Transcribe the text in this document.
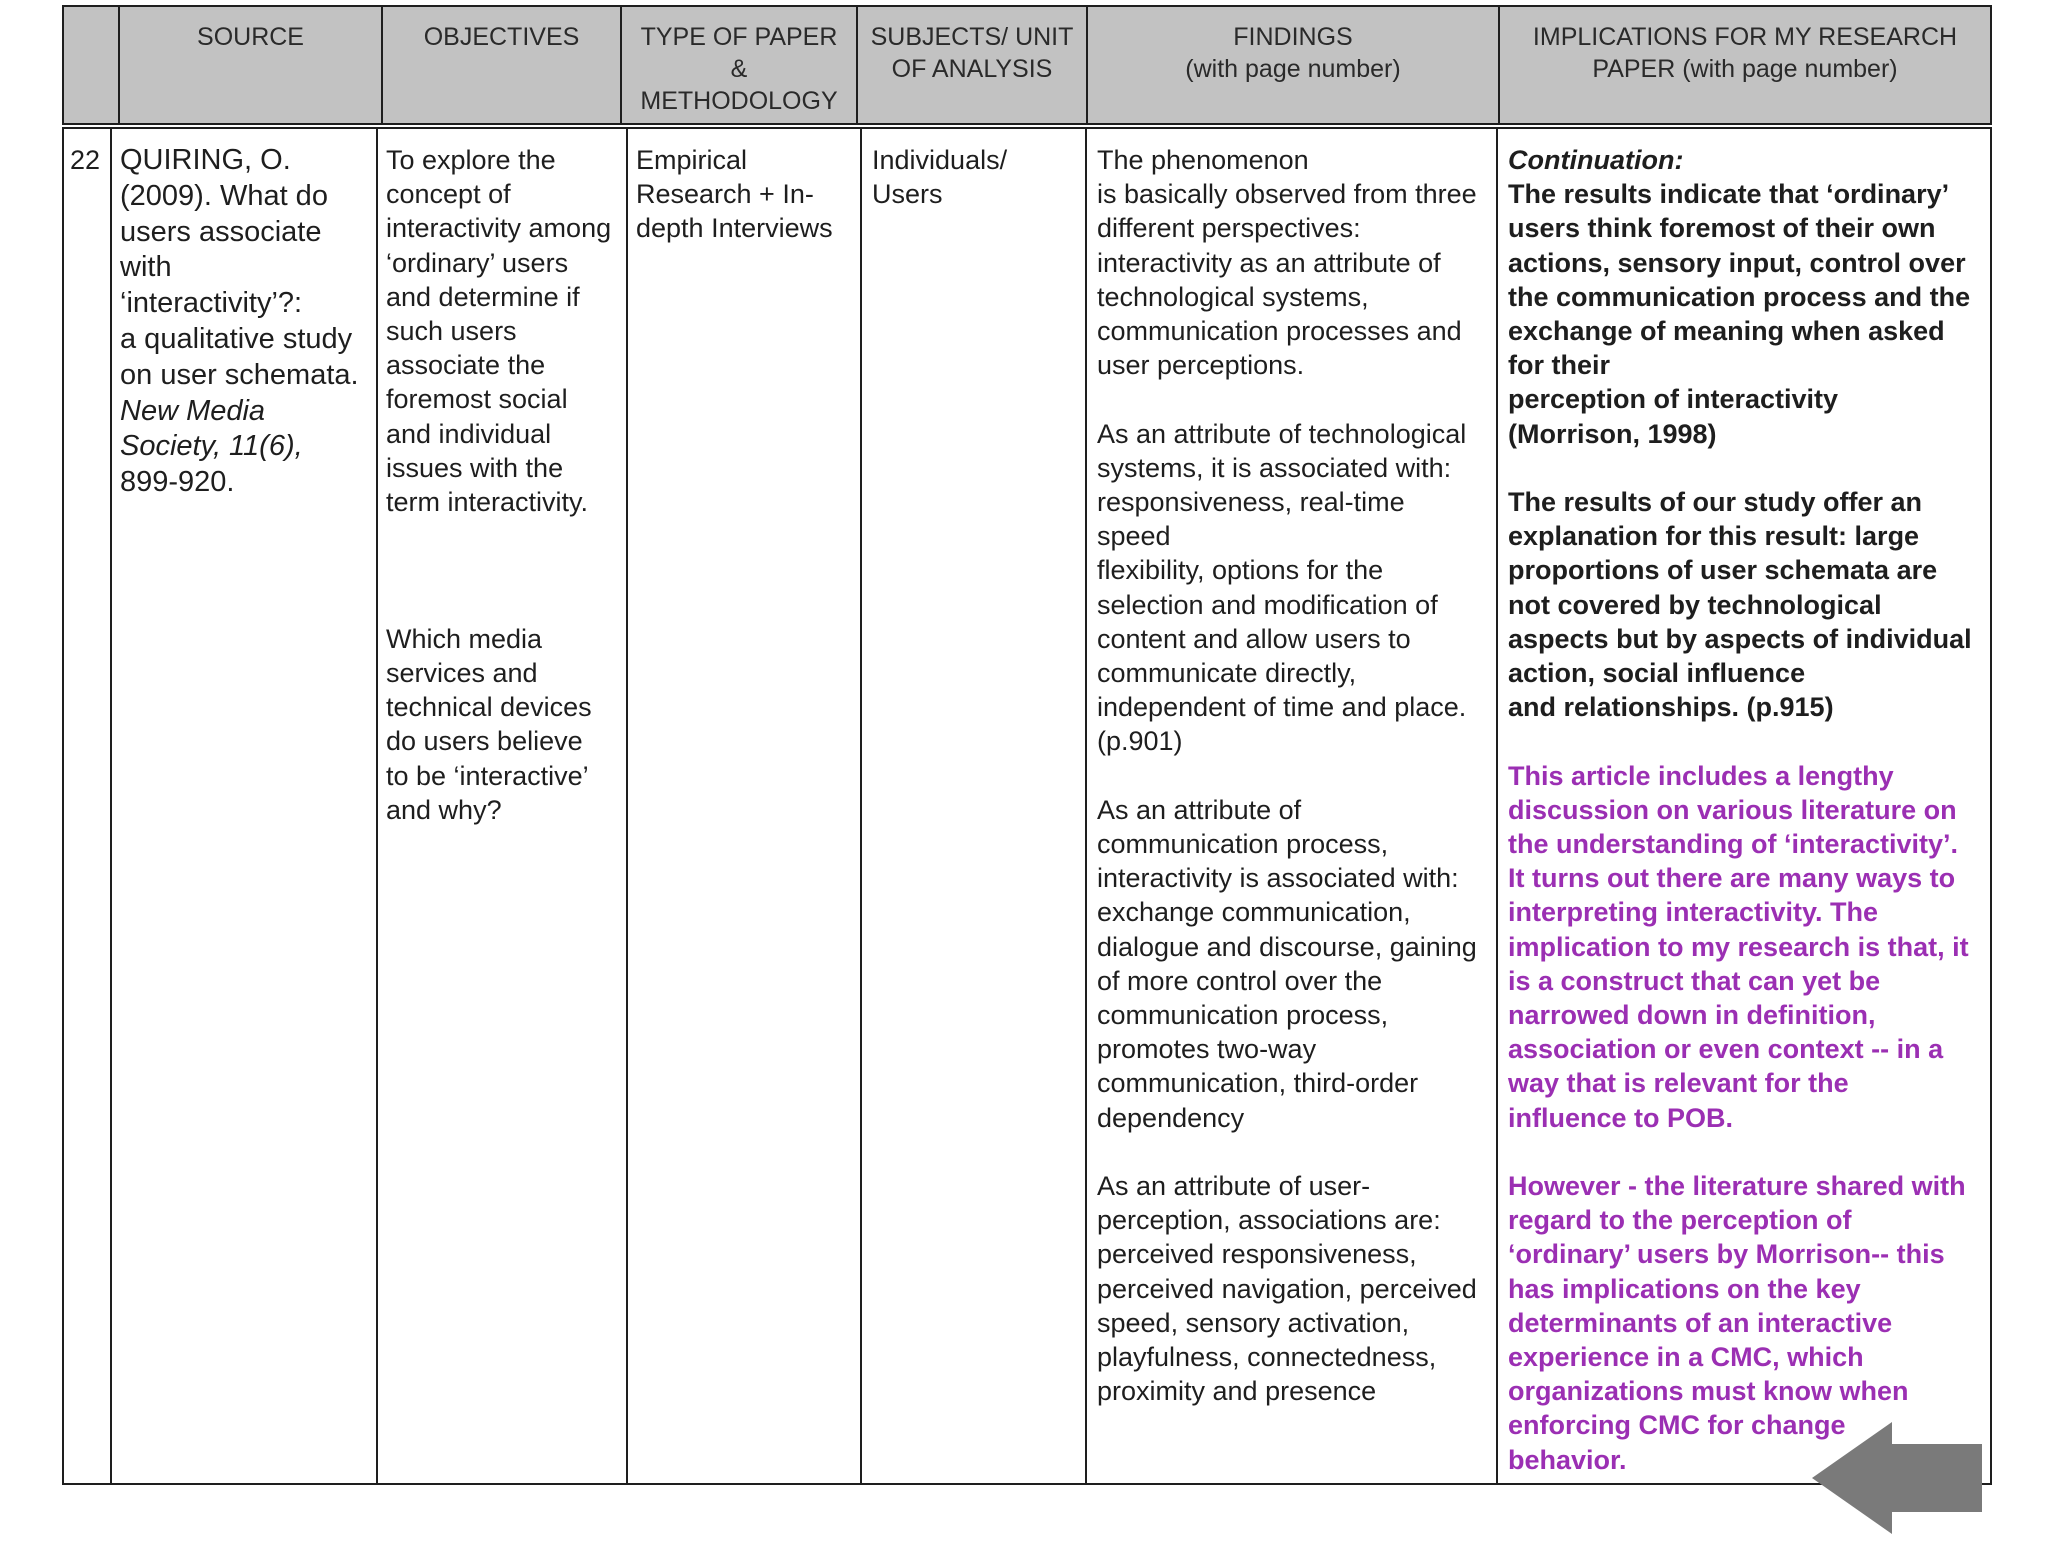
SOURCE	OBJECTIVES	TYPE OF PAPER
&
METHODOLOGY
SUBJECTS/ UNIT
OF ANALYSIS
FINDINGS
(with page number)
IMPLICATIONS FOR MY RESEARCH
PAPER (with page number)
22 QUIRING, O.
(2009). What do
users associate
with
‘interactivity’?:
a qualitative study
on user schemata.
New Media
Society, 11(6),
899-920.
To explore the
concept of
interactivity among
‘ordinary’ users
and determine if
such users
associate the
foremost social
and individual
issues with the
term interactivity.
Which media
services and
technical devices
do users believe
to be ‘interactive’
and why?
Empirical
Research + In-
depth Interviews
Individuals/
Users
The phenomenon
is basically observed from three
different perspectives:
interactivity as an attribute of
technological systems,
communication processes and
user perceptions.
As an attribute of technological
systems, it is associated with:
responsiveness, real-time
speed
flexibility, options for the
selection and modification of
content and allow users to
communicate directly,
independent of time and place.
(p.901)
As an attribute of
communication process,
interactivity is associated with:
exchange communication,
dialogue and discourse, gaining
of more control over the
communication process,
promotes two-way
communication, third-order
dependency
As an attribute of user-
perception, associations are:
perceived responsiveness,
perceived navigation, perceived
speed, sensory activation,
playfulness, connectedness,
proximity and presence
Continuation:
The results indicate that ‘ordinary’
users think foremost of their own
actions, sensory input, control over
the communication process and the
exchange of meaning when asked
for their
perception of interactivity
(Morrison, 1998)
The results of our study offer an
explanation for this result: large
proportions of user schemata are
not covered by technological
aspects but by aspects of individual
action, social influence
and relationships. (p.915)
This article includes a lengthy
discussion on various literature on
the understanding of ‘interactivity’.
It turns out there are many ways to
interpreting interactivity. The
implication to my research is that, it
is a construct that can yet be
narrowed down in definition,
association or even context -- in a
way that is relevant for the
influence to POB.
However - the literature shared with
regard to the perception of
‘ordinary’ users by Morrison-- this
has implications on the key
determinants of an interactive
experience in a CMC, which
organizations must know when
enforcing CMC for change
behavior.
